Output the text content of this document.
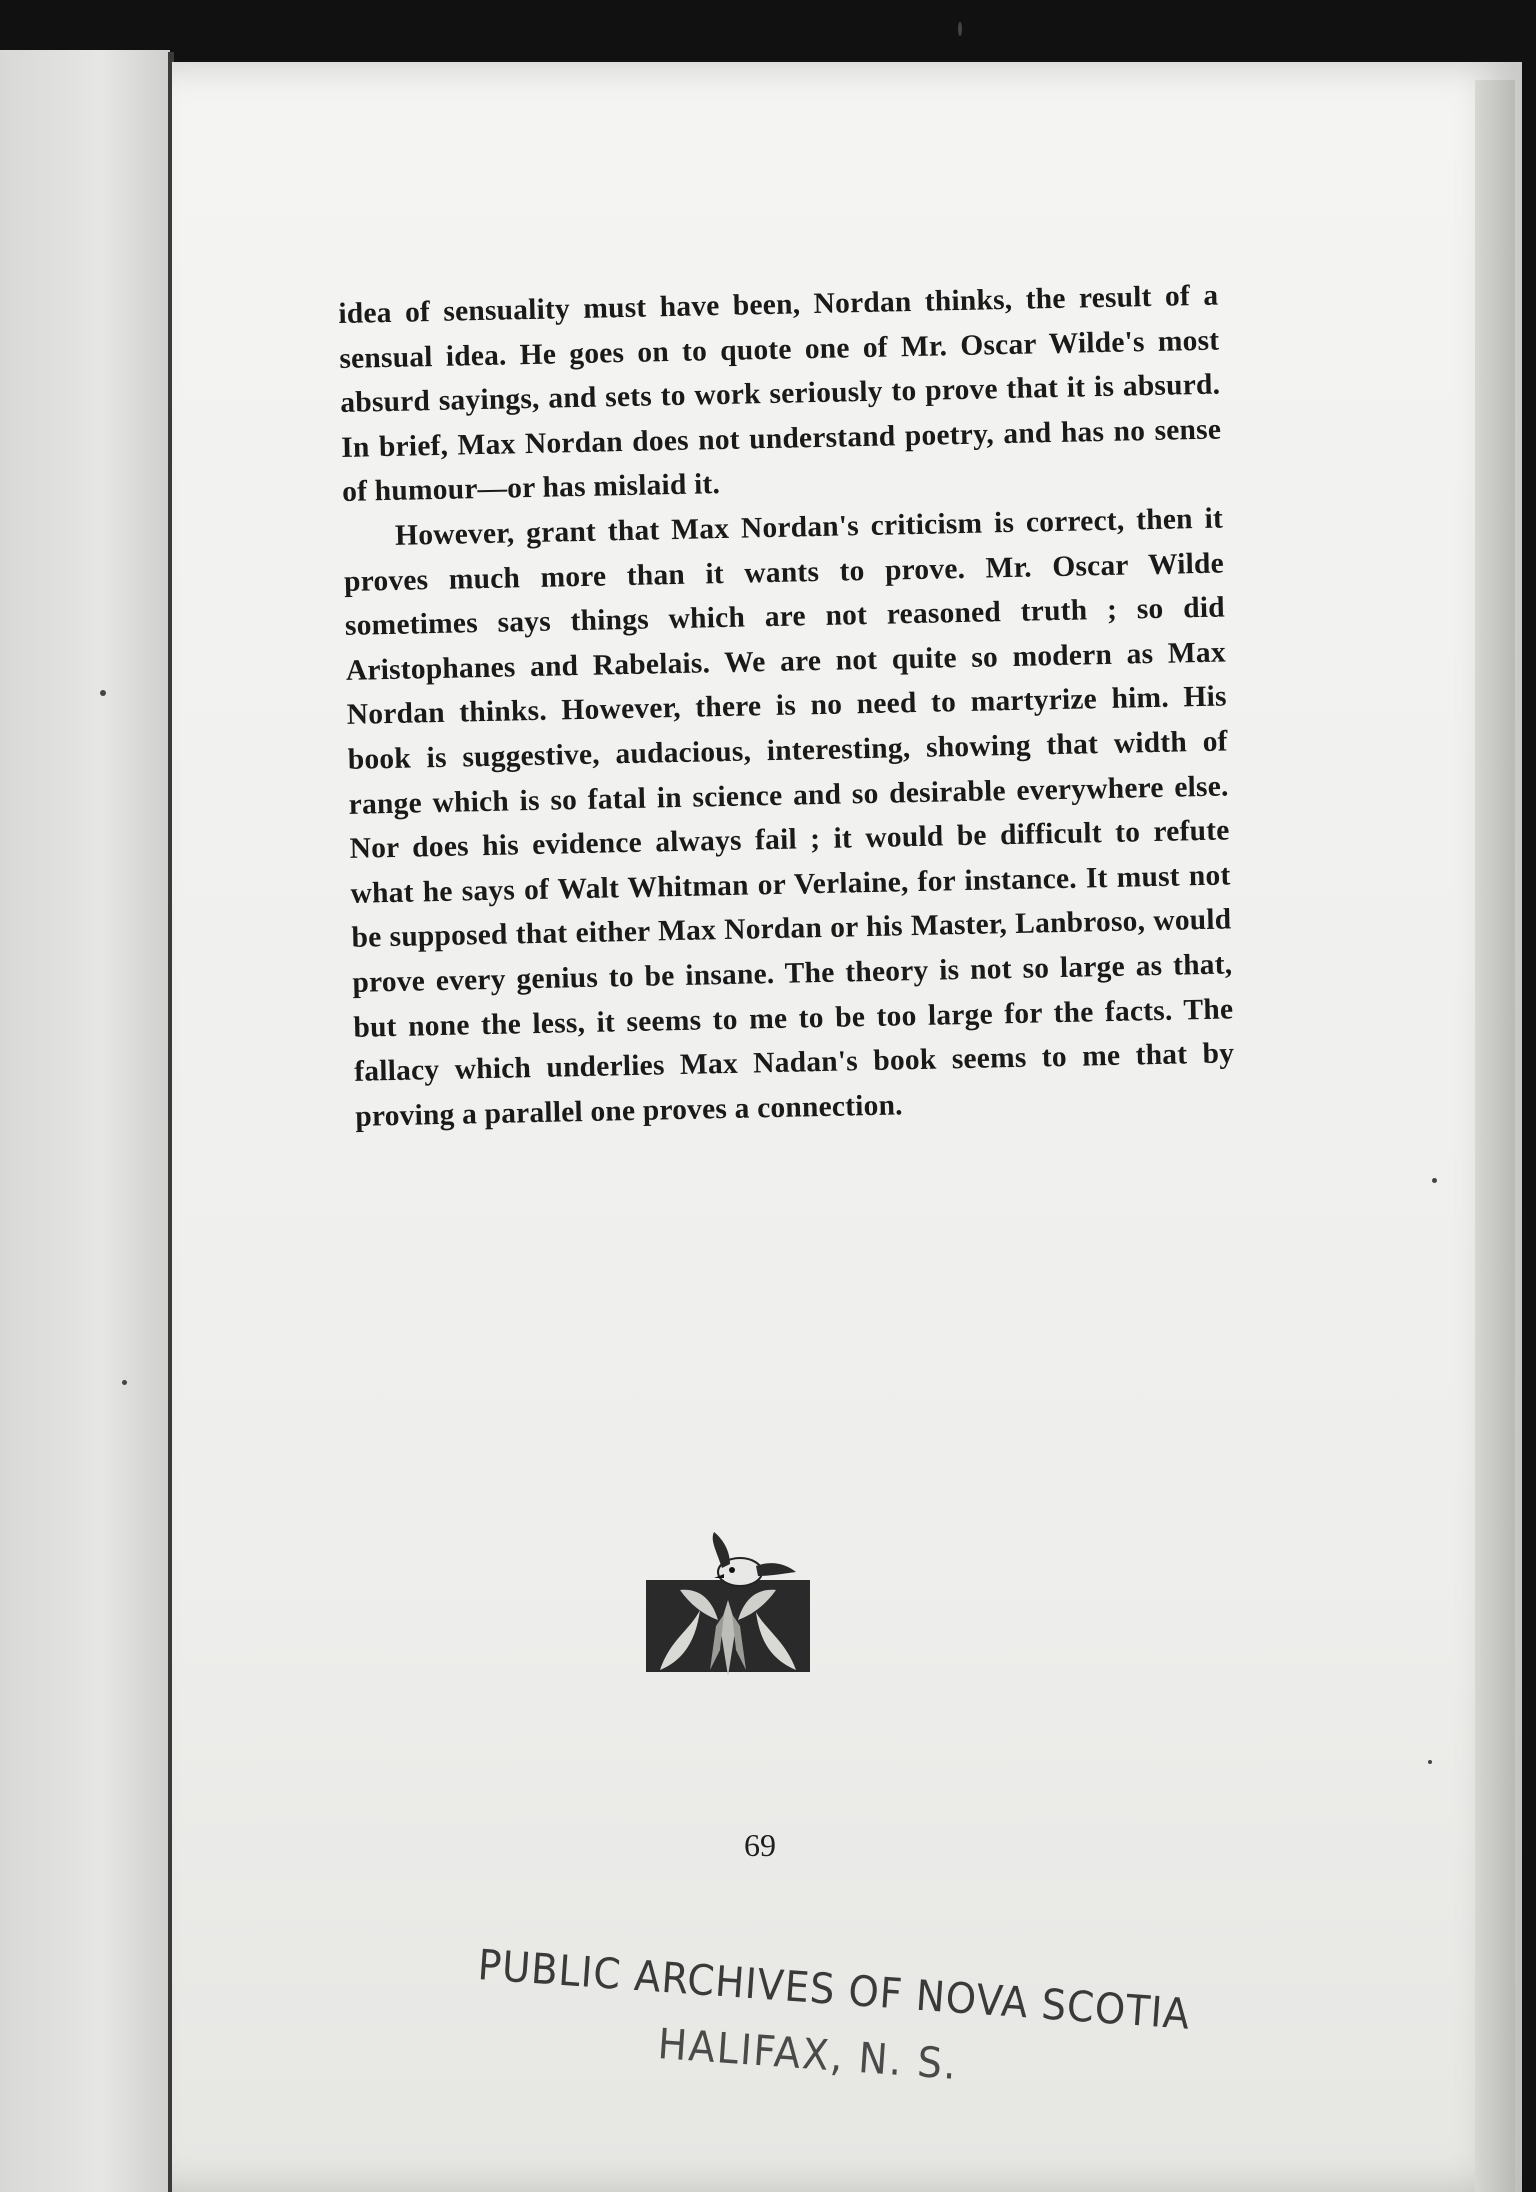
idea of sensuality must have been, Nordan thinks, the result of a sensual idea. He goes on to quote one of Mr. Oscar Wilde's most absurd sayings, and sets to work seriously to prove that it is absurd. In brief, Max Nordan does not understand poetry, and has no sense of humour—or has mislaid it.

However, grant that Max Nordan's criticism is correct, then it proves much more than it wants to prove. Mr. Oscar Wilde sometimes says things which are not reasoned truth ; so did Aristophanes and Rabelais. We are not quite so modern as Max Nordan thinks. However, there is no need to martyrize him. His book is suggestive, audacious, interesting, showing that width of range which is so fatal in science and so desirable everywhere else. Nor does his evidence always fail ; it would be difficult to refute what he says of Walt Whitman or Verlaine, for instance. It must not be supposed that either Max Nordan or his Master, Lanbroso, would prove every genius to be insane. The theory is not so large as that, but none the less, it seems to me to be too large for the facts. The fallacy which underlies Max Nadan's book seems to me that by proving a parallel one proves a connection.

69
PUBLIC ARCHIVES OF NOVA SCOTIA
HALIFAX, N. S.
